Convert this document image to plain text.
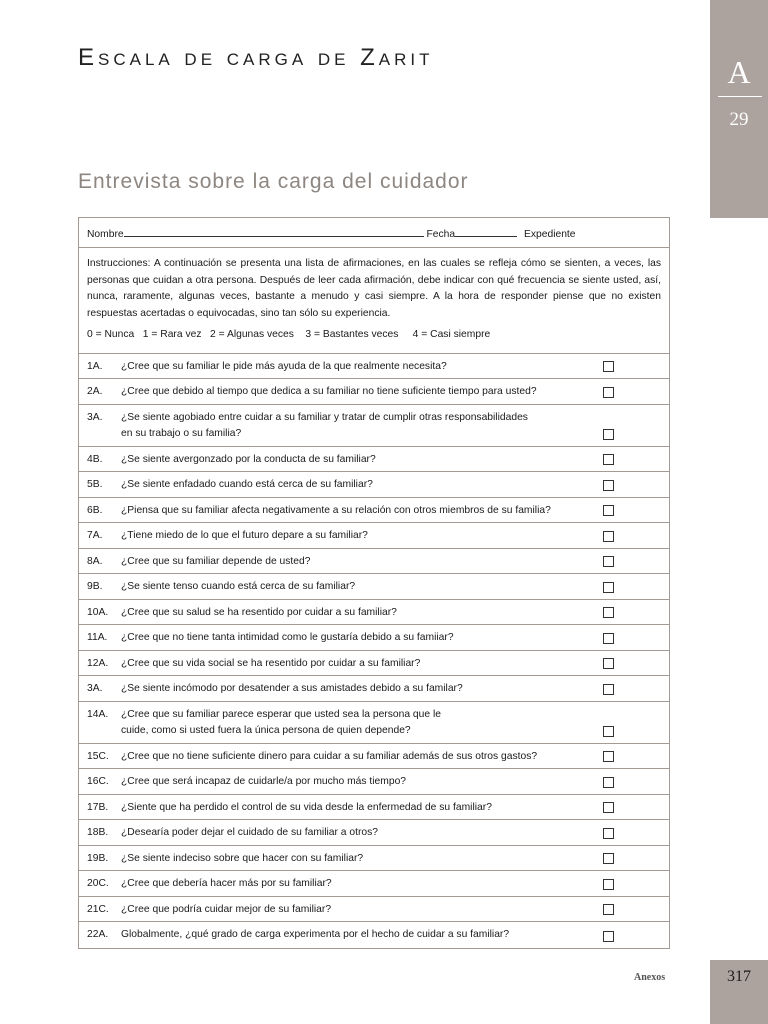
A
29
Escala de carga de Zarit
Entrevista sobre la carga del cuidador
Nombre	Fecha	Expediente
Instrucciones: A continuación se presenta una lista de afirmaciones, en las cuales se refleja cómo se sienten, a veces, las personas que cuidan a otra persona. Después de leer cada afirmación, debe indicar con qué frecuencia se siente usted, así, nunca, raramente, algunas veces, bastante a menudo y casi siempre. A la hora de responder piense que no existen respuestas acertadas o equivocadas, sino tan sólo su experiencia.
0 = Nunca   1 = Rara vez   2 = Algunas veces    3 = Bastantes veces     4 = Casi siempre
1A. ¿Cree que su familiar le pide más ayuda de la que realmente necesita?
2A. ¿Cree que debido al tiempo que dedica a su familiar no tiene suficiente tiempo para usted?
3A. ¿Se siente agobiado entre cuidar a su familiar y tratar de cumplir otras responsabilidades
en su trabajo o su familia?
4B. ¿Se siente avergonzado por la conducta de su familiar?
5B. ¿Se siente enfadado cuando está cerca de su familiar?
6B. ¿Piensa que su familiar afecta negativamente a su relación con otros miembros de su familia?
7A. ¿Tiene miedo de lo que el futuro depare a su familiar?
8A. ¿Cree que su familiar depende de usted?
9B. ¿Se siente tenso cuando está cerca de su familiar?
10A. ¿Cree que su salud se ha resentido por cuidar a su familiar?
11A. ¿Cree que no tiene tanta intimidad como le gustaría debido a su famiiar?
12A. ¿Cree que su vida social se ha resentido por cuidar a su familiar?
3A. ¿Se siente incómodo por desatender a sus amistades debido a su familar?
14A. ¿Cree que su familiar parece esperar que usted sea la persona que le
cuide, como si usted fuera la única persona de quien depende?
15C. ¿Cree que no tiene suficiente dinero para cuidar a su familiar además de sus otros gastos?
16C. ¿Cree que será incapaz de cuidarle/a por mucho más tiempo?
17B. ¿Siente que ha perdido el control de su vida desde la enfermedad de su familiar?
18B. ¿Desearía poder dejar el cuidado de su familiar a otros?
19B. ¿Se siente indeciso sobre que hacer con su familiar?
20C. ¿Cree que debería hacer más por su familiar?
21C. ¿Cree que podría cuidar mejor de su familiar?
22A. Globalmente, ¿qué grado de carga experimenta por el hecho de cuidar a su familiar?
Anexos	317
